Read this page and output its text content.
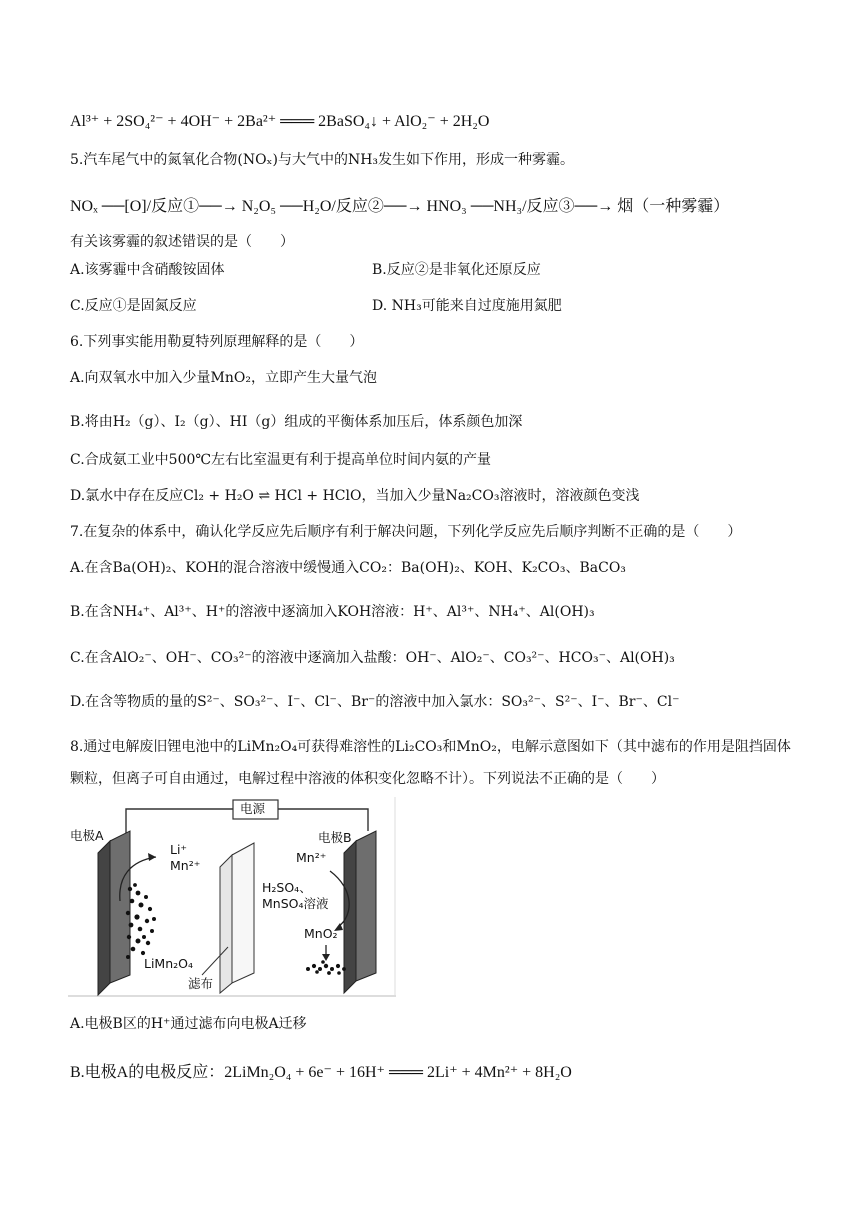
Al³⁺ + 2SO₄²⁻ + 4OH⁻ + 2Ba²⁺ ═══ 2BaSO₄↓ + AlO₂⁻ + 2H₂O
5.汽车尾气中的氮氧化合物(NOₓ)与大气中的NH₃发生如下作用，形成一种雾霾。
NOₓ ──[O]/反应①──→ N₂O₅ ──H₂O/反应②──→ HNO₃ ──NH₃/反应③──→ 烟（一种雾霾）
有关该雾霾的叙述错误的是（　　）
A.该雾霾中含硝酸铵固体	B.反应②是非氧化还原反应
C.反应①是固氮反应	D. NH₃可能来自过度施用氮肥
6.下列事实能用勒夏特列原理解释的是（　　）
A.向双氧水中加入少量MnO₂，立即产生大量气泡
B.将由H₂（g）、I₂（g）、HI（g）组成的平衡体系加压后，体系颜色加深
C.合成氨工业中500℃左右比室温更有利于提高单位时间内氨的产量
D.氯水中存在反应Cl₂ + H₂O ⇌ HCl + HClO，当加入少量Na₂CO₃溶液时，溶液颜色变浅
7.在复杂的体系中，确认化学反应先后顺序有利于解决问题，下列化学反应先后顺序判断不正确的是（　　）
A.在含Ba(OH)₂、KOH的混合溶液中缓慢通入CO₂：Ba(OH)₂、KOH、K₂CO₃、BaCO₃
B.在含NH₄⁺、Al³⁺、H⁺的溶液中逐滴加入KOH溶液：H⁺、Al³⁺、NH₄⁺、Al(OH)₃
C.在含AlO₂⁻、OH⁻、CO₃²⁻的溶液中逐滴加入盐酸：OH⁻、AlO₂⁻、CO₃²⁻、HCO₃⁻、Al(OH)₃
D.在含等物质的量的S²⁻、SO₃²⁻、I⁻、Cl⁻、Br⁻的溶液中加入氯水：SO₃²⁻、S²⁻、I⁻、Br⁻、Cl⁻
8.通过电解废旧锂电池中的LiMn₂O₄可获得难溶性的Li₂CO₃和MnO₂，电解示意图如下（其中滤布的作用是阻挡固体颗粒，但离子可自由通过，电解过程中溶液的体积变化忽略不计）。下列说法不正确的是（　　）
电源
电极A	电极B
Li⁺
Mn²⁺
Mn²⁺
H₂SO₄、
MnSO₄溶液
MnO₂
LiMn₂O₄
滤布
A.电极B区的H⁺通过滤布向电极A迁移
B.电极A的电极反应：2LiMn₂O₄ + 6e⁻ + 16H⁺ ═══ 2Li⁺ + 4Mn²⁺ + 8H₂O
